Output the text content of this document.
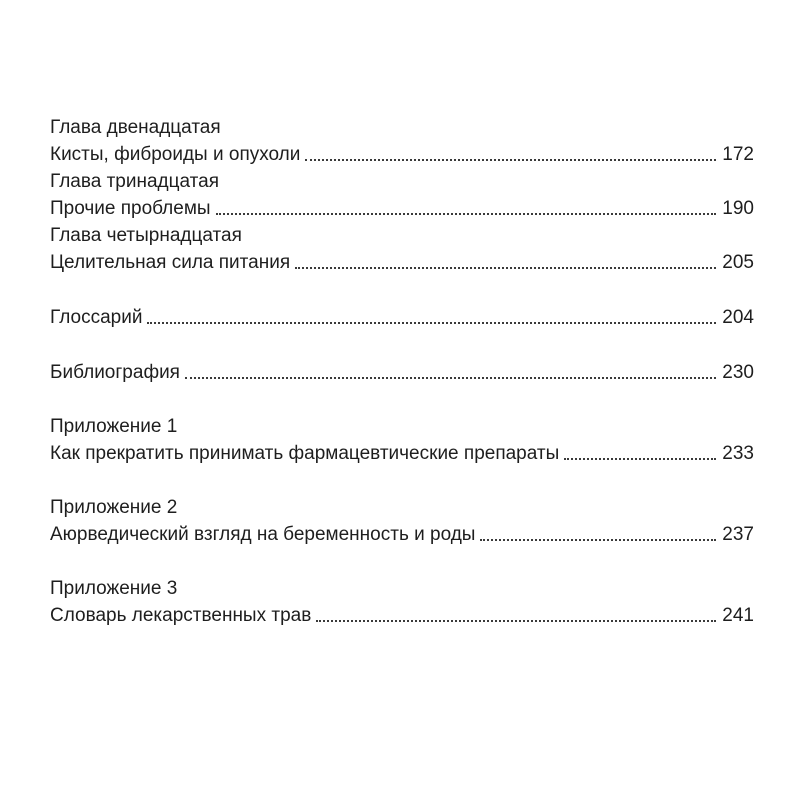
Глава двенадцатая
Кисты, фиброиды и опухоли	172
Глава тринадцатая
Прочие проблемы	190
Глава четырнадцатая
Целительная сила питания	205
Глоссарий	204
Библиография	230
Приложение 1
Как прекратить принимать фармацевтические препараты	233
Приложение 2
Аюрведический взгляд на беременность и роды	237
Приложение 3
Словарь лекарственных трав	241
